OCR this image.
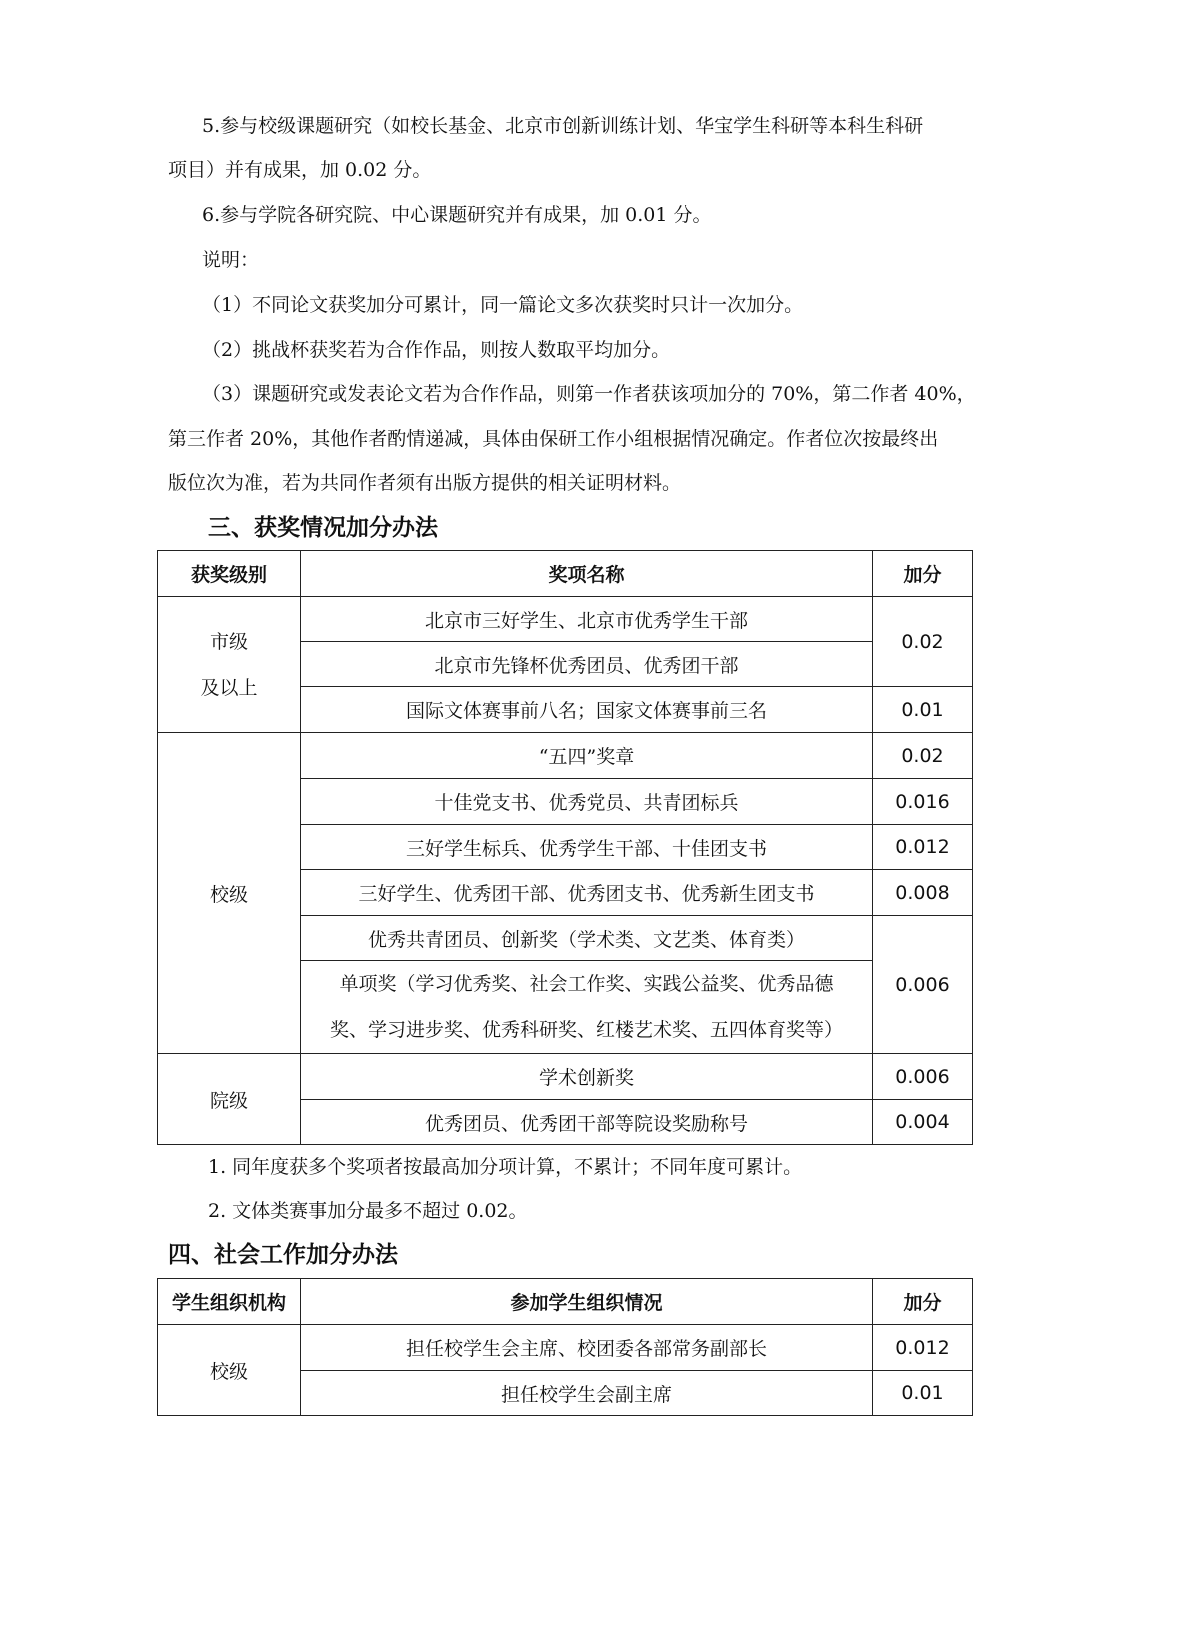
5.参与校级课题研究（如校长基金、北京市创新训练计划、华宝学生科研等本科生科研

项目）并有成果，加 0.02 分。

6.参与学院各研究院、中心课题研究并有成果，加 0.01 分。

说明：

（1）不同论文获奖加分可累计，同一篇论文多次获奖时只计一次加分。

（2）挑战杯获奖若为合作作品，则按人数取平均加分。

（3）课题研究或发表论文若为合作作品，则第一作者获该项加分的 70%，第二作者 40%，

第三作者 20%，其他作者酌情递减，具体由保研工作小组根据情况确定。作者位次按最终出

版位次为准，若为共同作者须有出版方提供的相关证明材料。

三、获奖情况加分办法
获奖级别	奖项名称	加分

市级
及以上	北京市三好学生、北京市优秀学生干部	0.02
	北京市先锋杯优秀团员、优秀团干部	
	国际文体赛事前八名；国家文体赛事前三名	0.01
校级	“五四”奖章	0.02
	十佳党支书、优秀党员、共青团标兵	0.016
	三好学生标兵、优秀学生干部、十佳团支书	0.012
	三好学生、优秀团干部、优秀团支书、优秀新生团支书	0.008
	优秀共青团员、创新奖（学术类、文艺类、体育类）	0.006

	单项奖（学习优秀奖、社会工作奖、实践公益奖、优秀品德
奖、学习进步奖、优秀科研奖、红楼艺术奖、五四体育奖等）	

院级	学术创新奖	0.006
	优秀团员、优秀团干部等院设奖励称号	0.004

1. 同年度获多个奖项者按最高加分项计算，不累计；不同年度可累计。

2. 文体类赛事加分最多不超过 0.02。

四、社会工作加分办法
学生组织机构	参加学生组织情况	加分
校级	担任校学生会主席、校团委各部常务副部长	0.012
	担任校学生会副主席	0.01
